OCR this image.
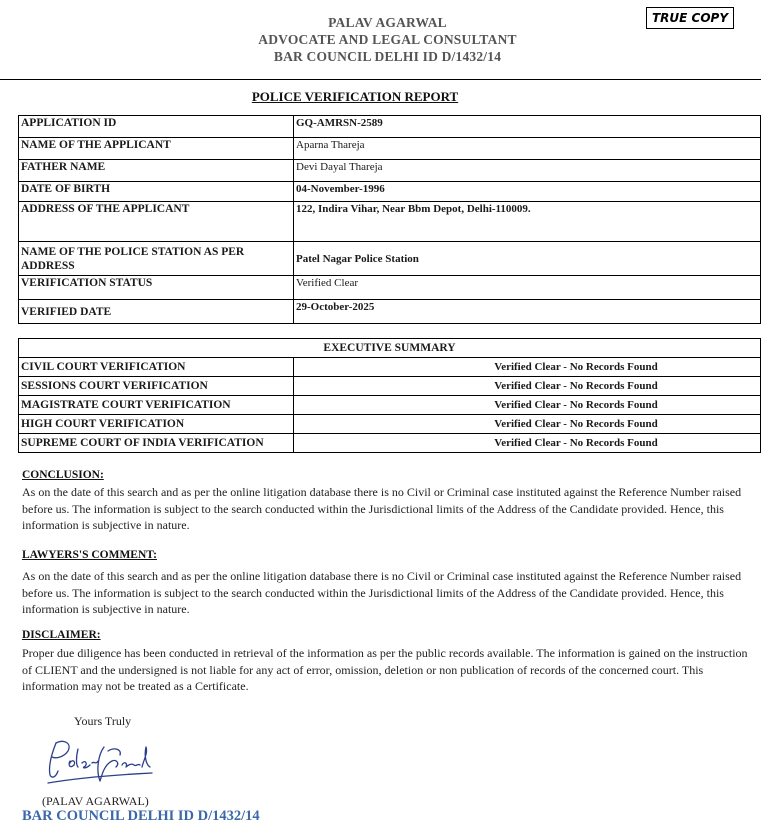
PALAV AGARWAL
ADVOCATE AND LEGAL CONSULTANT
BAR COUNCIL DELHI ID D/1432/14
TRUE COPY
POLICE VERIFICATION REPORT
APPLICATION ID	GQ-AMRSN-2589
NAME OF THE APPLICANT	Aparna Thareja
FATHER NAME	Devi Dayal Thareja
DATE OF BIRTH	04-November-1996
ADDRESS OF THE APPLICANT	122, Indira Vihar, Near Bbm Depot, Delhi-110009.
NAME OF THE POLICE STATION AS PER ADDRESS	Patel Nagar Police Station
VERIFICATION STATUS	Verified Clear
VERIFIED DATE	29-October-2025
EXECUTIVE SUMMARY	
CIVIL COURT VERIFICATION	Verified Clear - No Records Found
SESSIONS COURT VERIFICATION	Verified Clear - No Records Found
MAGISTRATE COURT VERIFICATION	Verified Clear - No Records Found
HIGH COURT VERIFICATION	Verified Clear - No Records Found
SUPREME COURT OF INDIA VERIFICATION	Verified Clear - No Records Found
CONCLUSION:
As on the date of this search and as per the online litigation database there is no Civil or Criminal case instituted against the Reference Number raised before us. The information is subject to the search conducted within the Jurisdictional limits of the Address of the Candidate provided. Hence, this information is subjective in nature.
LAWYERS'S COMMENT:
As on the date of this search and as per the online litigation database there is no Civil or Criminal case instituted against the Reference Number raised before us. The information is subject to the search conducted within the Jurisdictional limits of the Address of the Candidate provided. Hence, this information is subjective in nature.
DISCLAIMER:
Proper due diligence has been conducted in retrieval of the information as per the public records available. The information is gained on the instruction of CLIENT and the undersigned is not liable for any act of error, omission, deletion or non publication of records of the concerned court. This information may not be treated as a Certificate.
Yours Truly
(PALAV AGARWAL)
BAR COUNCIL DELHI ID D/1432/14
